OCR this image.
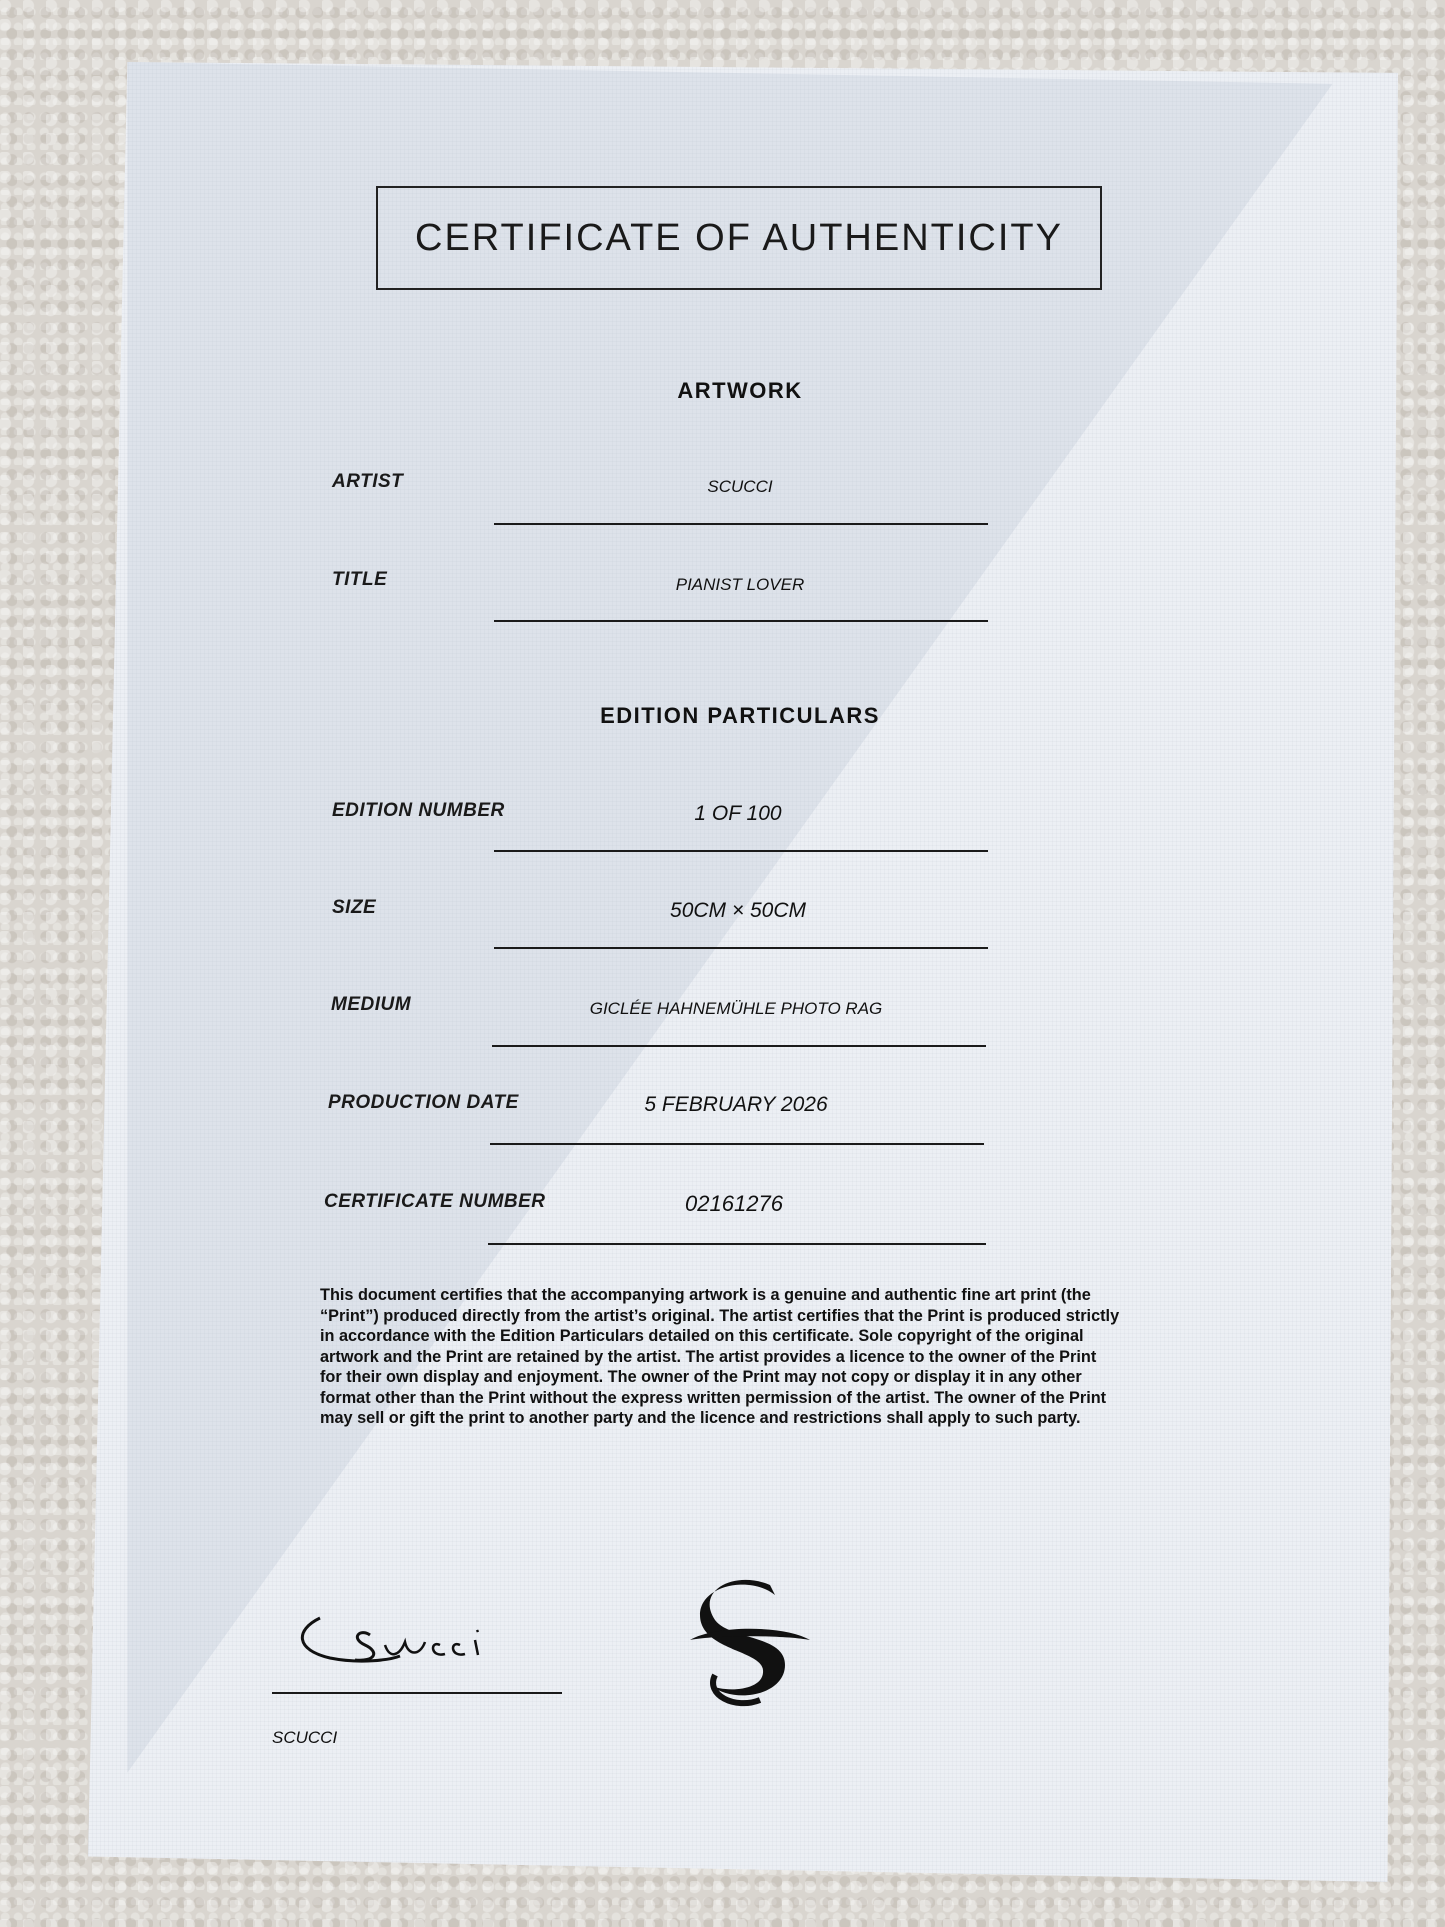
CERTIFICATE OF AUTHENTICITY
ARTWORK
ARTIST	SCUCCI
TITLE	PIANIST LOVER
EDITION PARTICULARS
EDITION NUMBER	1 OF 100
SIZE	50CM × 50CM
MEDIUM	GICLÉE HAHNEMÜHLE PHOTO RAG
PRODUCTION DATE	5 FEBRUARY 2026
CERTIFICATE NUMBER	02161276
This document certifies that the accompanying artwork is a genuine and authentic fine art print (the “Print”) produced directly from the artist’s original. The artist certifies that the Print is produced strictly in accordance with the Edition Particulars detailed on this certificate. Sole copyright of the original artwork and the Print are retained by the artist. The artist provides a licence to the owner of the Print for their own display and enjoyment. The owner of the Print may not copy or display it in any other format other than the Print without the express written permission of the artist. The owner of the Print may sell or gift the print to another party and the licence and restrictions shall apply to such party.
SCUCCI
